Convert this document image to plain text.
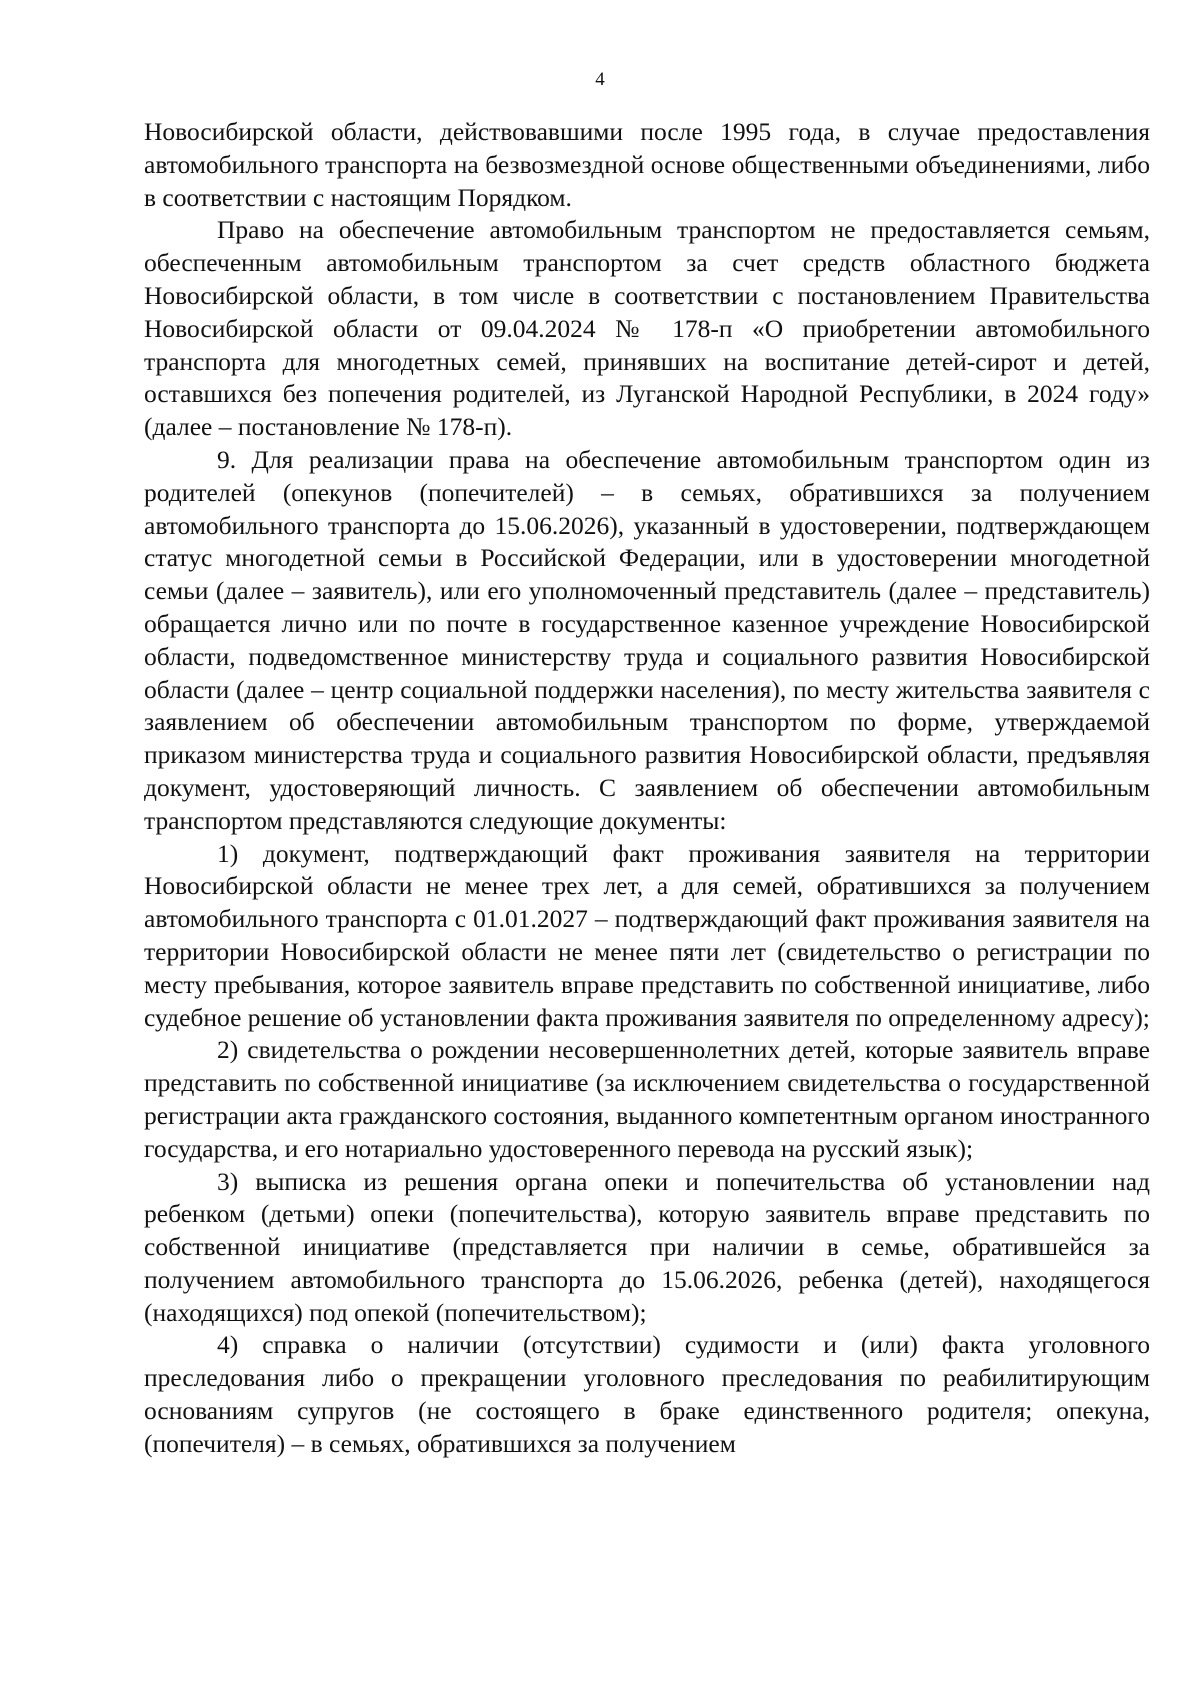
4

Новосибирской области, действовавшими после 1995 года, в случае предоставления автомобильного транспорта на безвозмездной основе общественными объединениями, либо в соответствии с настоящим Порядком.

Право на обеспечение автомобильным транспортом не предоставляется семьям, обеспеченным автомобильным транспортом за счет средств областного бюджета Новосибирской области, в том числе в соответствии с постановлением Правительства Новосибирской области от 09.04.2024 № 178-п «О приобретении автомобильного транспорта для многодетных семей, принявших на воспитание детей-сирот и детей, оставшихся без попечения родителей, из Луганской Народной Республики, в 2024 году» (далее – постановление № 178-п).

9. Для реализации права на обеспечение автомобильным транспортом один из родителей (опекунов (попечителей) – в семьях, обратившихся за получением автомобильного транспорта до 15.06.2026), указанный в удостоверении, подтверждающем статус многодетной семьи в Российской Федерации, или в удостоверении многодетной семьи (далее – заявитель), или его уполномоченный представитель (далее – представитель) обращается лично или по почте в государственное казенное учреждение Новосибирской области, подведомственное министерству труда и социального развития Новосибирской области (далее – центр социальной поддержки населения), по месту жительства заявителя с заявлением об обеспечении автомобильным транспортом по форме, утверждаемой приказом министерства труда и социального развития Новосибирской области, предъявляя документ, удостоверяющий личность. С заявлением об обеспечении автомобильным транспортом представляются следующие документы:

1) документ, подтверждающий факт проживания заявителя на территории Новосибирской области не менее трех лет, а для семей, обратившихся за получением автомобильного транспорта с 01.01.2027 – подтверждающий факт проживания заявителя на территории Новосибирской области не менее пяти лет (свидетельство о регистрации по месту пребывания, которое заявитель вправе представить по собственной инициативе, либо судебное решение об установлении факта проживания заявителя по определенному адресу);

2) свидетельства о рождении несовершеннолетних детей, которые заявитель вправе представить по собственной инициативе (за исключением свидетельства о государственной регистрации акта гражданского состояния, выданного компетентным органом иностранного государства, и его нотариально удостоверенного перевода на русский язык);

3) выписка из решения органа опеки и попечительства об установлении над ребенком (детьми) опеки (попечительства), которую заявитель вправе представить по собственной инициативе (представляется при наличии в семье, обратившейся за получением автомобильного транспорта до 15.06.2026, ребенка (детей), находящегося (находящихся) под опекой (попечительством);

4) справка о наличии (отсутствии) судимости и (или) факта уголовного преследования либо о прекращении уголовного преследования по реабилитирующим основаниям супругов (не состоящего в браке единственного родителя; опекуна, (попечителя) – в семьях, обратившихся за получением
